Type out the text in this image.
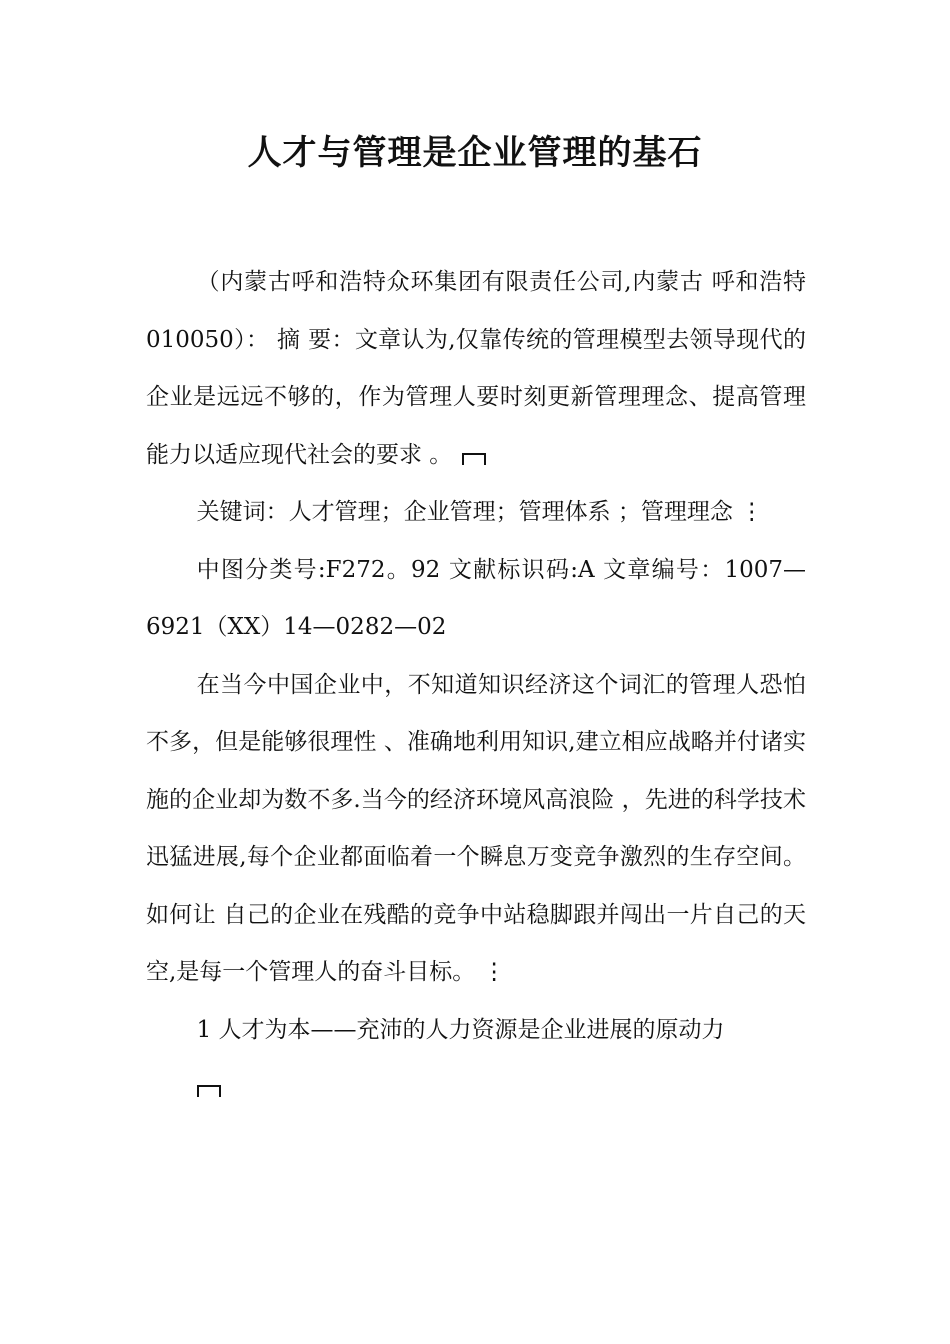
人才与管理是企业管理的基石

（内蒙古呼和浩特众环集团有限责任公司,内蒙古 呼和浩特 010050）： 摘 要：文章认为,仅靠传统的管理模型去领导现代的 企业是远远不够的，作为管理人要时刻更新管理理念、提高管理能力以适应现代社会的要求 。

关键词：人才管理；企业管理；管理体系 ；管理理念 ⋮

中图分类号:F272。92 文献标识码:A 文章编号：1007—6921（XX）14—0282—02

在当今中国企业中，不知道知识经济这个词汇的管理人恐怕不多，但是能够很理性 、准确地利用知识,建立相应战略并付诸实施的企业却为数不多.当今的经济环境风高浪险 ，先进的科学技术迅猛进展,每个企业都面临着一个瞬息万变竞争激烈的生存空间。如何让 自己的企业在残酷的竞争中站稳脚跟并闯出一片自己的天空,是每一个管理人的奋斗目标。 ⋮

1 人才为本——充沛的人力资源是企业进展的原动力
